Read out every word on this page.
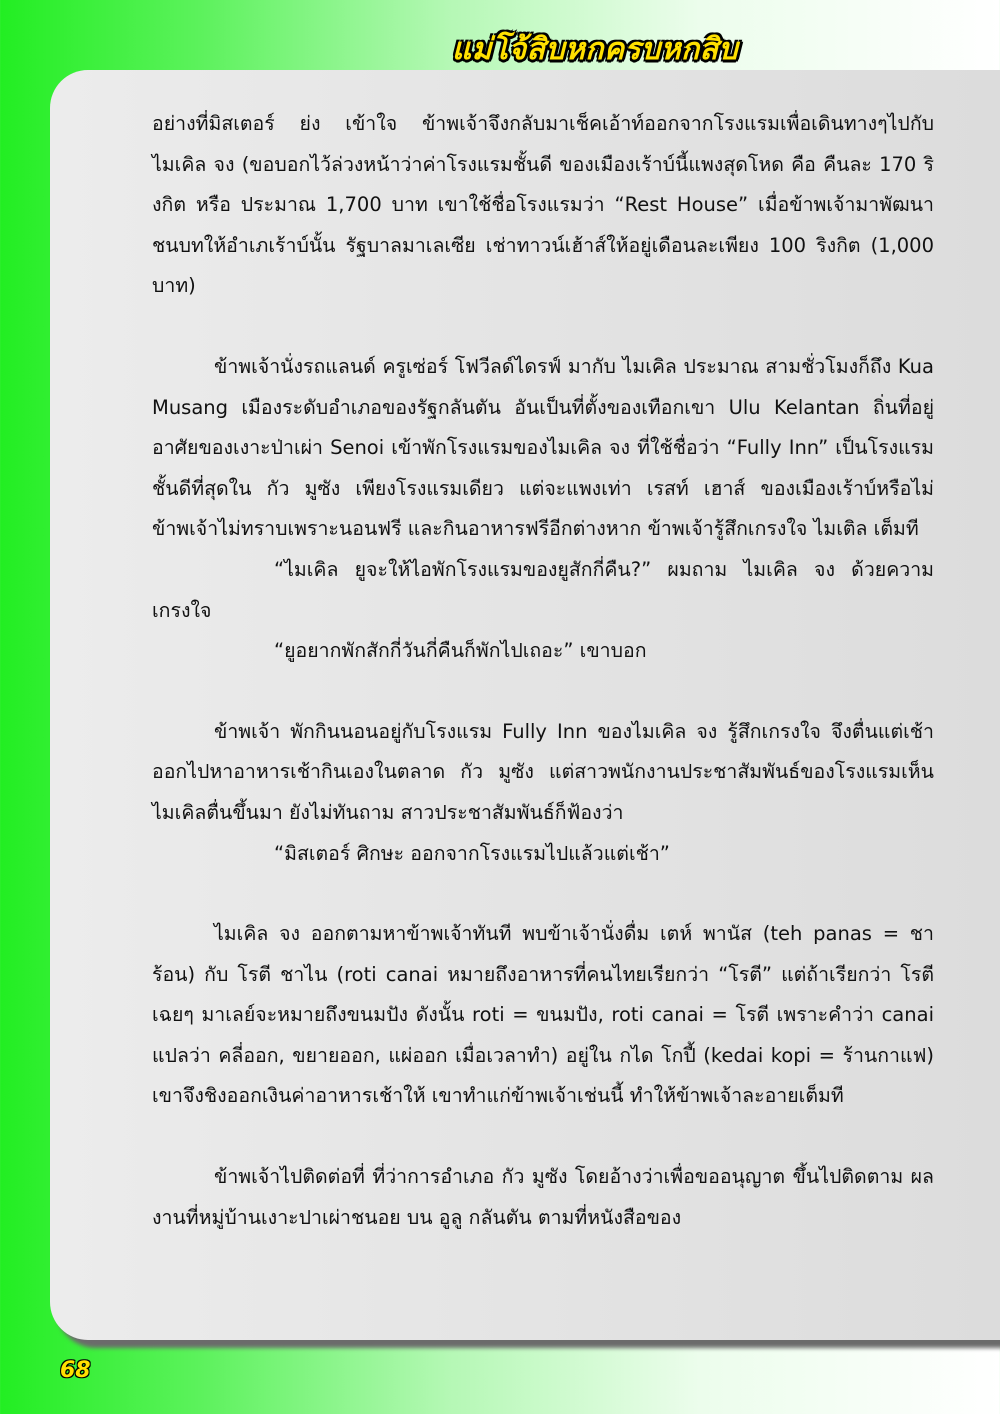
แม่โจ้สิบหกครบหกสิบ

อย่างที่มิสเตอร์ ย่ง เข้าใจ ข้าพเจ้าจึงกลับมาเช็คเอ้าท์ออกจากโรงแรมเพื่อเดินทางๆไปกับ ไมเคิล จง (ขอบอกไว้ล่วงหน้าว่าค่าโรงแรมชั้นดี ของเมืองเร้าบ์นี้แพงสุดโหด คือ คืนละ 170 ริงกิต หรือ ประมาณ 1,700 บาท เขาใช้ชื่อโรงแรมว่า “Rest House” เมื่อข้าพเจ้ามาพัฒนาชนบทให้อำเภเร้าบ์นั้น รัฐบาลมาเลเซีย เช่าทาวน์เฮ้าส์ให้อยู่เดือนละเพียง 100 ริงกิต (1,000 บาท)

ข้าพเจ้านั่งรถแลนด์ ครูเซ่อร์ โฟวีลด์ไดรฟ์ มากับ ไมเคิล ประมาณ สามชั่วโมงก็ถึง Kua Musang เมืองระดับอำเภอของรัฐกลันตัน อันเป็นที่ตั้งของเทือกเขา Ulu Kelantan ถิ่นที่อยู่อาศัยของเงาะป่าเผ่า Senoi เข้าพักโรงแรมของไมเคิล จง ที่ใช้ชื่อว่า “Fully Inn” เป็นโรงแรม ชั้นดีที่สุดใน กัว มูซัง เพียงโรงแรมเดียว แต่จะแพงเท่า เรสท์ เฮาส์ ของเมืองเร้าบ์หรือไม่ ข้าพเจ้าไม่ทราบเพราะนอนฟรี และกินอาหารฟรีอีกต่างหาก ข้าพเจ้ารู้สึกเกรงใจ ไมเติล เต็มที

“ไมเคิล ยูจะให้ไอพักโรงแรมของยูสักกี่คืน?” ผมถาม ไมเคิล จง ด้วยความเกรงใจ

“ยูอยากพักสักกี่วันกี่คืนก็พักไปเถอะ” เขาบอก

ข้าพเจ้า พักกินนอนอยู่กับโรงแรม Fully Inn ของไมเคิล จง รู้สึกเกรงใจ จึงตื่นแต่เช้า ออกไปหาอาหารเช้ากินเองในตลาด กัว มูซัง แต่สาวพนักงานประชาสัมพันธ์ของโรงแรมเห็น ไมเคิลตื่นขึ้นมา ยังไม่ทันถาม สาวประชาสัมพันธ์ก็ฟ้องว่า

“มิสเตอร์ ศิกษะ ออกจากโรงแรมไปแล้วแต่เช้า”

ไมเคิล จง ออกตามหาข้าพเจ้าทันที พบข้าเจ้านั่งดื่ม เตห์ พานัส (teh panas = ชาร้อน) กับ โรตี ชาไน (roti canai หมายถึงอาหารที่คนไทยเรียกว่า “โรตี” แต่ถ้าเรียกว่า โรตี เฉยๆ มาเลย์จะหมายถึงขนมปัง ดังนั้น roti = ขนมปัง, roti canai = โรตี เพราะคำว่า canai แปลว่า คลี่ออก, ขยายออก, แผ่ออก เมื่อเวลาทำ) อยู่ใน กได โกปี้ (kedai kopi = ร้านกาแฟ) เขาจึงชิงออกเงินค่าอาหารเช้าให้ เขาทำแก่ข้าพเจ้าเช่นนี้ ทำให้ข้าพเจ้าละอายเต็มที

ข้าพเจ้าไปติดต่อที่ ที่ว่าการอำเภอ กัว มูซัง โดยอ้างว่าเพื่อขออนุญาต ขึ้นไปติดตาม ผลงานที่หมู่บ้านเงาะปาเผ่าชนอย บน อูลู กลันตัน ตามที่หนังสือของ

68
